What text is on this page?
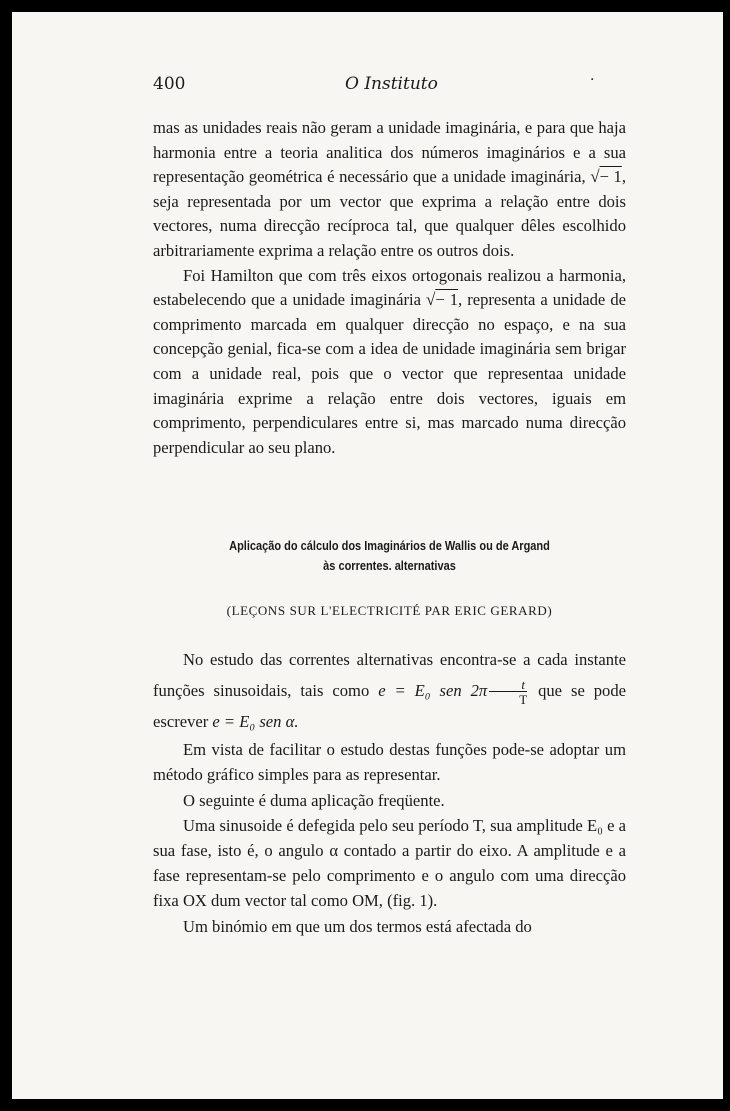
400	O Instituto	·

mas as unidades reais não geram a unidade imaginária, e para que haja harmonia entre a teoria analitica dos números imaginários e a sua representação geométrica é necessário que a unidade imaginária, √− 1, seja representada por um vector que exprima a relação entre dois vectores, numa direcção recíproca tal, que qualquer dêles escolhido arbitrariamente exprima a relação entre os outros dois.

Foi Hamilton que com três eixos ortogonais realizou a harmonia, estabelecendo que a unidade imaginária √− 1, representa a unidade de comprimento marcada em qualquer direcção no espaço, e na sua concepção genial, fica-se com a idea de unidade imaginária sem brigar com a unidade real, pois que o vector que representaa unidade imaginária exprime a relação entre dois vectores, iguais em comprimento, perpendiculares entre si, mas marcado numa direcção perpendicular ao seu plano.

Aplicação do cálculo dos Imaginários de Wallis ou de Argand
às correntes. alternativas
(LEÇONS SUR L'ELECTRICITÉ PAR ERIC GERARD)

No estudo das correntes alternativas encontra-se a cada instante funções sinusoidais, tais como e = E₀ sen $2\pi \frac{t}{T}$ que se pode escrever e = E₀ sen α.

Em vista de facilitar o estudo destas funções pode-se adoptar um método gráfico simples para as representar.

O seguinte é duma aplicação freqüente.

Uma sinusoide é defegida pelo seu período T, sua amplitude E₀ e a sua fase, isto é, o angulo α contado a partir do eixo. A amplitude e a fase representam-se pelo comprimento e o angulo com uma direcção fixa OX dum vector tal como OM, (fig. 1).

Um binómio em que um dos termos está afectada do
